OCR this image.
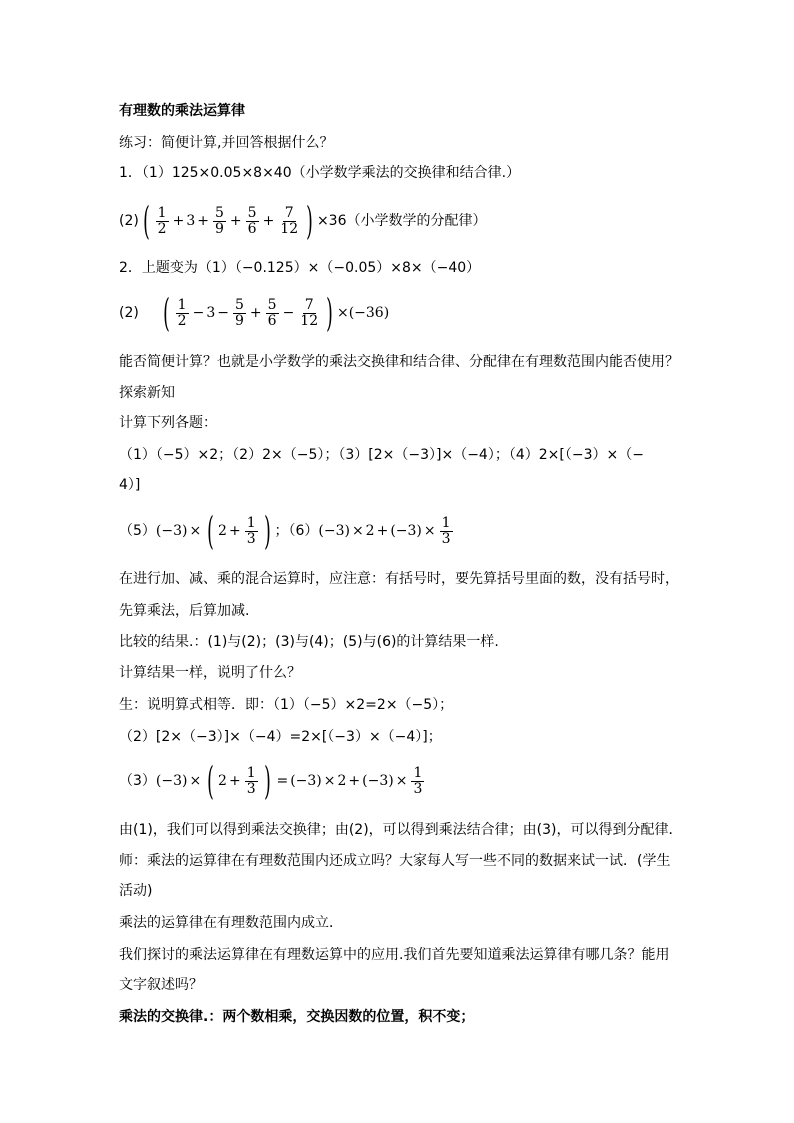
有理数的乘法运算律
练习：简便计算,并回答根据什么？
1．（1）125×0.05×8×40（小学数学乘法的交换律和结合律.）
(2) ( $\frac{1}{2} + 3 + \frac{5}{9} + \frac{5}{6} + \frac{7}{12}$ ) ×36（小学数学的分配律）
2．上题变为（1）（−0.125）×（−0.05）×8×（−40）
(2) ( $\frac{1}{2} - 3 - \frac{5}{9} + \frac{5}{6} - \frac{7}{12}$ ) × (−36)
能否简便计算？也就是小学数学的乘法交换律和结合律、分配律在有理数范围内能否使用？
探索新知
计算下列各题：
（1）（−5）×2；（2）2×（−5）；（3）[2×（−3）]×（−4）；（4）2×[（−3）×（−
4）]
（5） (−3) × ( $2 + \frac{1}{3}$ ) ；（6） $(-3) \times 2 + (-3) \times \frac{1}{3}$
在进行加、减、乘的混合运算时，应注意：有括号时，要先算括号里面的数，没有括号时，
先算乘法，后算加减.
比较的结果.：(1)与(2)；(3)与(4)；(5)与(6)的计算结果一样.
计算结果一样，说明了什么？
生：说明算式相等．即：（1）（−5）×2=2×（−5）；
（2）[2×（−3）]×（−4）=2×[（−3）×（−4）]；
（3） (−3) × ( $2 + \frac{1}{3}$ ) = $(-3) \times 2 + (-3) \times \frac{1}{3}$
由(1)，我们可以得到乘法交换律；由(2)，可以得到乘法结合律；由(3)，可以得到分配律．
师：乘法的运算律在有理数范围内还成立吗？大家每人写一些不同的数据来试一试．(学生
活动)
乘法的运算律在有理数范围内成立．
我们探讨的乘法运算律在有理数运算中的应用.我们首先要知道乘法运算律有哪几条？能用
文字叙述吗？
乘法的交换律.：两个数相乘，交换因数的位置，积不变；
